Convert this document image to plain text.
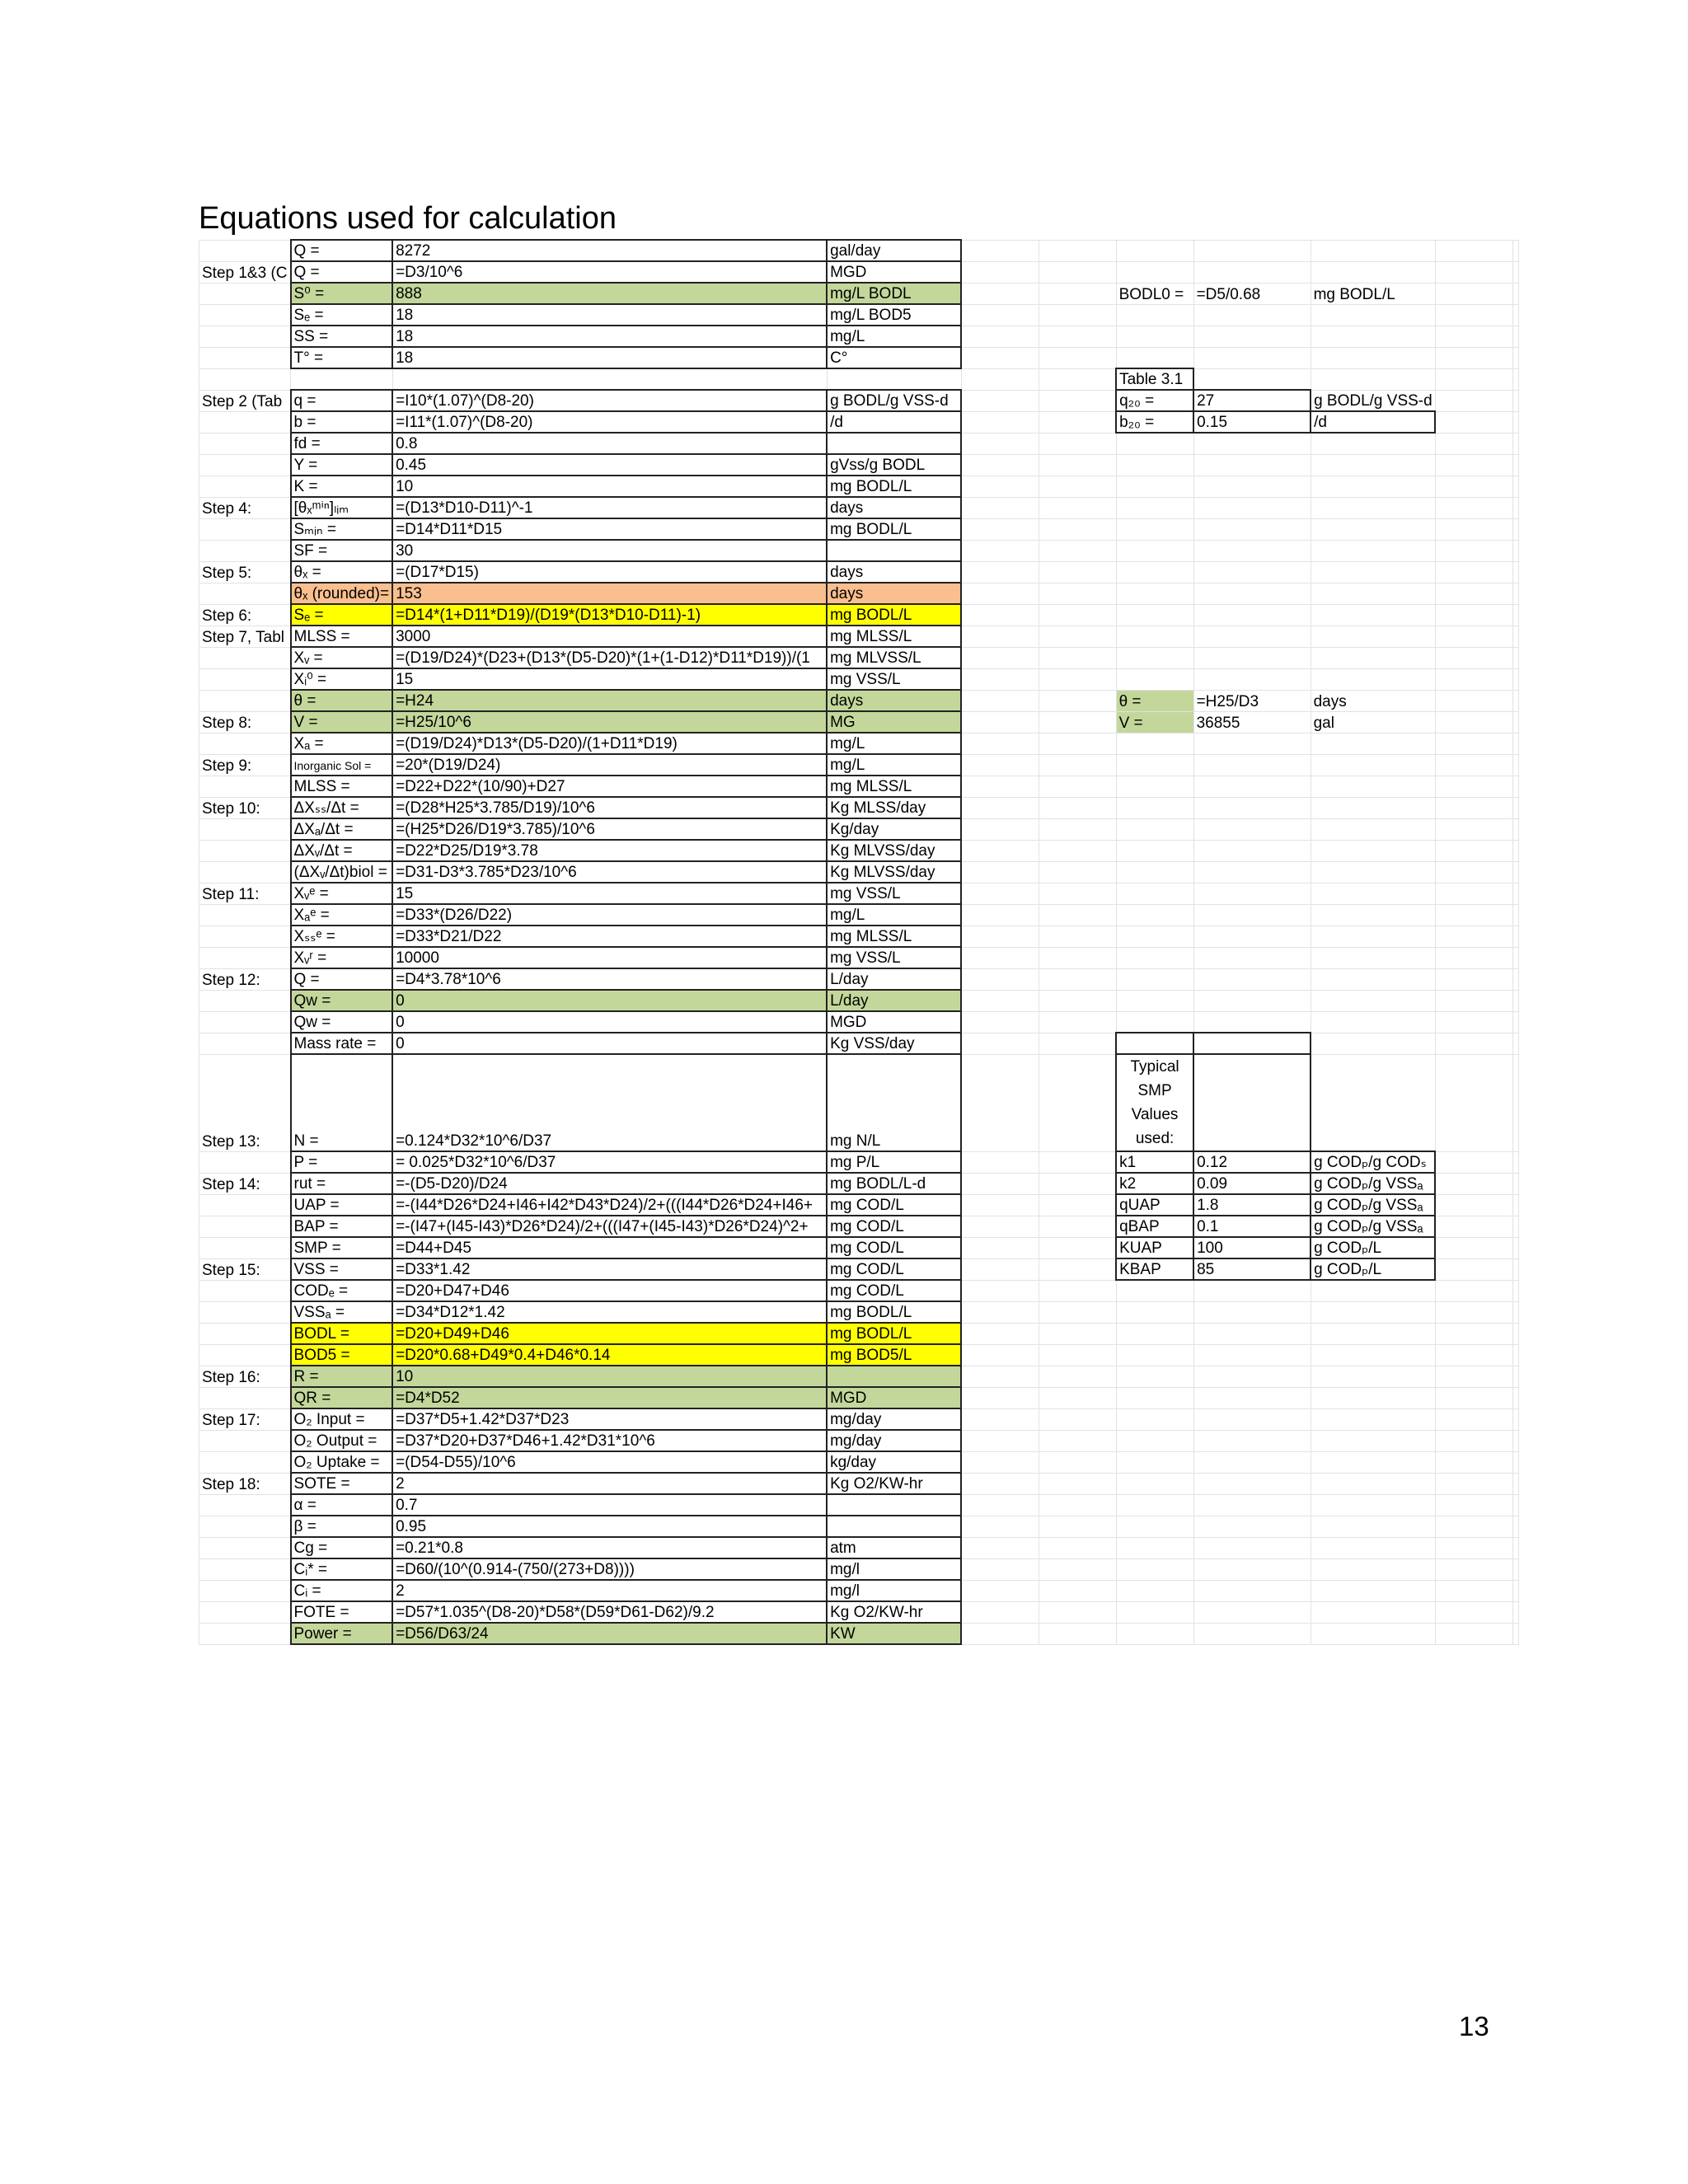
Equations used for calculation
	Q =	8272	gal/day							
Step 1&3 (C	Q =	=D3/10^6	MGD							
	S⁰ =	888	mg/L BODL			BODL0 =	=D5/0.68	mg BODL/L		
	Sₑ =	18	mg/L BOD5							
	SS =	18	mg/L							
	T° =	18	C°							
						Table 3.1				
Step 2 (Tab	q =	=I10*(1.07)^(D8-20)	g BODL/g VSS-d			q₂₀ =	27	g BODL/g VSS-d		
	b =	=I11*(1.07)^(D8-20)	/d			b₂₀ =	0.15	/d		
	fd =	0.8								
	Y =	0.45	gVss/g BODL							
	K =	10	mg BODL/L							
Step 4:	[θₓᵐⁱⁿ]ₗᵢₘ	=(D13*D10-D11)^-1	days							
	Sₘᵢₙ =	=D14*D11*D15	mg BODL/L							
	SF =	30								
Step 5:	θₓ =	=(D17*D15)	days							
	θₓ (rounded)=	153	days							
Step 6:	Sₑ =	=D14*(1+D11*D19)/(D19*(D13*D10-D11)-1)	mg BODL/L							
Step 7, Tabl	MLSS =	3000	mg MLSS/L							
	Xᵥ =	=(D19/D24)*(D23+(D13*(D5-D20)*(1+(1-D12)*D11*D19))/(1	mg MLVSS/L							
	Xᵢ⁰ =	15	mg VSS/L							
	θ =	=H24	days			θ =	=H25/D3	days		
Step 8:	V =	=H25/10^6	MG			V =	36855	gal		
	Xₐ =	=(D19/D24)*D13*(D5-D20)/(1+D11*D19)	mg/L							
Step 9:	Inorganic Sol =	=20*(D19/D24)	mg/L							
	MLSS =	=D22+D22*(10/90)+D27	mg MLSS/L							
Step 10:	ΔXₛₛ/Δt =	=(D28*H25*3.785/D19)/10^6	Kg MLSS/day							
	ΔXₐ/Δt =	=(H25*D26/D19*3.785)/10^6	Kg/day							
	ΔXᵥ/Δt =	=D22*D25/D19*3.78	Kg MLVSS/day							
	(ΔXᵥ/Δt)biol =	=D31-D3*3.785*D23/10^6	Kg MLVSS/day							
Step 11:	Xᵥᵉ =	15	mg VSS/L							
	Xₐᵉ =	=D33*(D26/D22)	mg/L							
	Xₛₛᵉ =	=D33*D21/D22	mg MLSS/L							
	Xᵥʳ =	10000	mg VSS/L							
Step 12:	Q =	=D4*3.78*10^6	L/day							
	Qw =	0	L/day							
	Qw =	0	MGD							
	Mass rate =	0	Kg VSS/day							
Step 13:	N =	=0.124*D32*10^6/D37	mg N/L			Typical SMP Values used:				
	P =	= 0.025*D32*10^6/D37	mg P/L			k1	0.12	g CODₚ/g CODₛ		
Step 14:	rut =	=-(D5-D20)/D24	mg BODL/L-d			k2	0.09	g CODₚ/g VSSₐ		
	UAP =	=-(I44*D26*D24+I46+I42*D43*D24)/2+(((I44*D26*D24+I46+	mg COD/L			qUAP	1.8	g CODₚ/g VSSₐ		
	BAP =	=-(I47+(I45-I43)*D26*D24)/2+(((I47+(I45-I43)*D26*D24)^2+	mg COD/L			qBAP	0.1	g CODₚ/g VSSₐ		
	SMP =	=D44+D45	mg COD/L			KUAP	100	g CODₚ/L		
Step 15:	VSS =	=D33*1.42	mg COD/L			KBAP	85	g CODₚ/L		
	CODₑ =	=D20+D47+D46	mg COD/L							
	VSSₐ =	=D34*D12*1.42	mg BODL/L							
	BODL =	=D20+D49+D46	mg BODL/L							
	BOD5 =	=D20*0.68+D49*0.4+D46*0.14	mg BOD5/L							
Step 16:	R =	10								
	QR =	=D4*D52	MGD							
Step 17:	O₂ Input =	=D37*D5+1.42*D37*D23	mg/day							
	O₂ Output =	=D37*D20+D37*D46+1.42*D31*10^6	mg/day							
	O₂ Uptake =	=(D54-D55)/10^6	kg/day							
Step 18:	SOTE =	2	Kg O2/KW-hr							
	α =	0.7								
	β =	0.95								
	Cg =	=0.21*0.8	atm							
	Cᵢ* =	=D60/(10^(0.914-(750/(273+D8))))	mg/l							
	Cᵢ =	2	mg/l							
	FOTE =	=D57*1.035^(D8-20)*D58*(D59*D61-D62)/9.2	Kg O2/KW-hr							
	Power =	=D56/D63/24	KW							
13
